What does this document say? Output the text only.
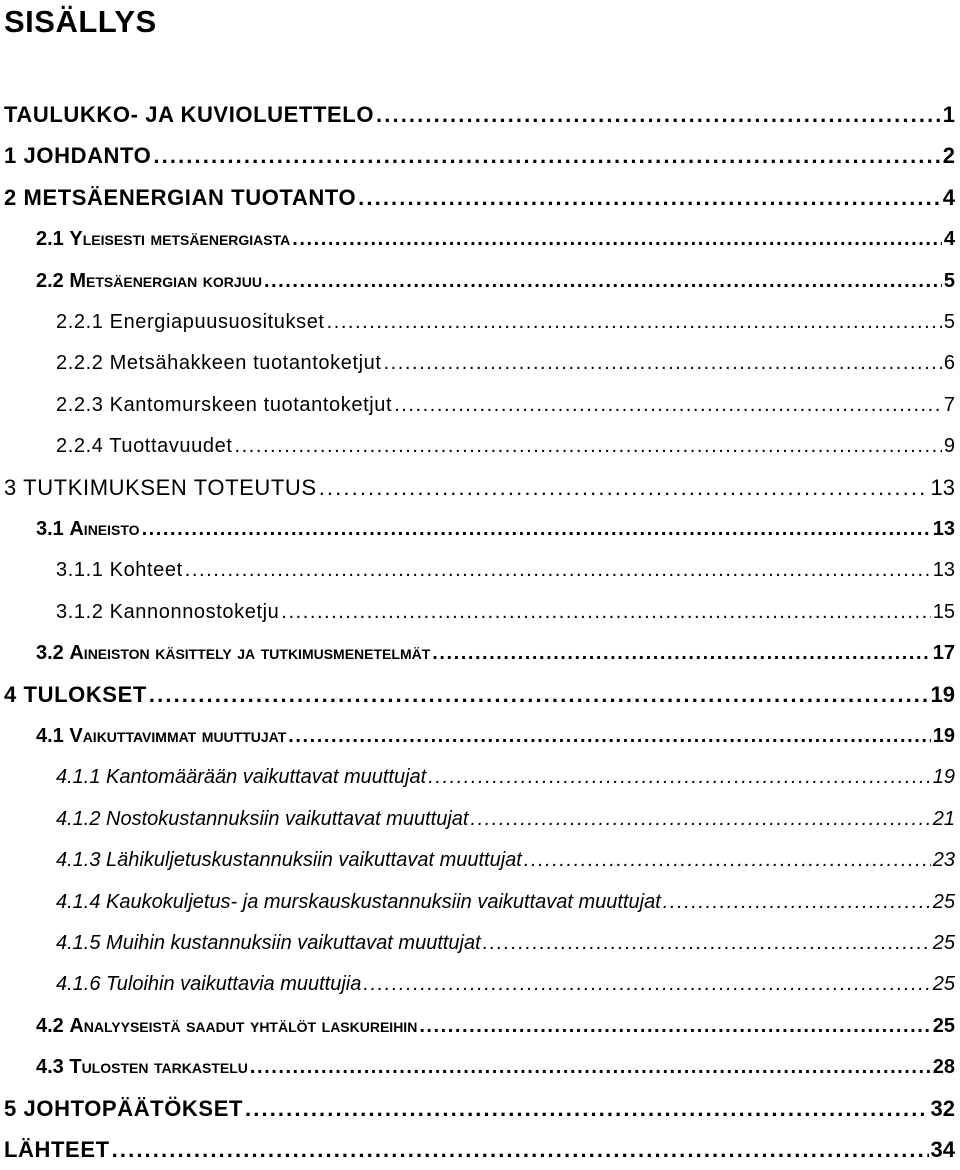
SISÄLLYS
TAULUKKO- JA KUVIOLUETTELO . . .	1
1 JOHDANTO . . .	2
2 METSÄENERGIAN TUOTANTO . . .	4
2.1 Yleisesti metsäenergiasta . . .	4
2.2 Metsäenergian korjuu . . .	5
2.2.1 Energiapuusuositukset . . .	5
2.2.2 Metsähakkeen tuotantoketjut . . .	6
2.2.3 Kantomurskeen tuotantoketjut . . .	7
2.2.4 Tuottavuudet . . .	9
3 TUTKIMUKSEN TOTEUTUS . . .	13
3.1 Aineisto . . .	13
3.1.1 Kohteet . . .	13
3.1.2 Kannonnostoketju . . .	15
3.2 Aineiston käsittely ja tutkimusmenetelmät . . .	17
4 TULOKSET . . .	19
4.1 Vaikuttavimmat muuttujat . . .	19
4.1.1 Kantomäärään vaikuttavat muuttujat . . .	19
4.1.2 Nostokustannuksiin vaikuttavat muuttujat . . .	21
4.1.3 Lähikuljetuskustannuksiin vaikuttavat muuttujat . . .	23
4.1.4 Kaukokuljetus- ja murskauskustannuksiin vaikuttavat muuttujat . . .	25
4.1.5 Muihin kustannuksiin vaikuttavat muuttujat . . .	25
4.1.6 Tuloihin vaikuttavia muuttujia . . .	25
4.2 Analyyseistä saadut yhtälöt laskureihin . . .	25
4.3 Tulosten tarkastelu . . .	28
5 JOHTOPÄÄTÖKSET . . .	32
LÄHTEET . . .	34
